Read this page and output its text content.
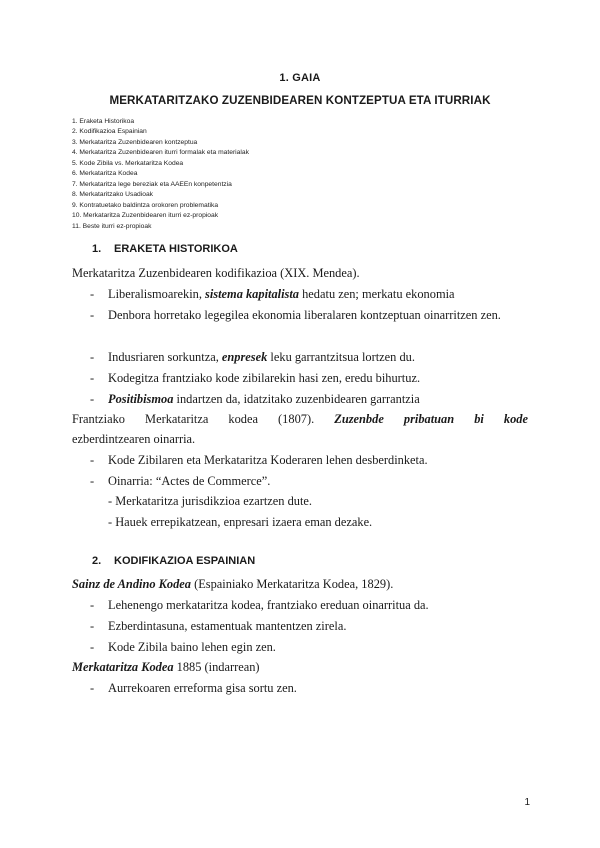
1. GAIA
MERKATARITZAKO ZUZENBIDEAREN KONTZEPTUA ETA ITURRIAK
1. Eraketa Historikoa
2. Kodifikazioa Espainian
3. Merkataritza Zuzenbidearen kontzeptua
4. Merkataritza Zuzenbidearen iturri formalak eta materialak
5. Kode Zibila vs. Merkataritza Kodea
6. Merkataritza Kodea
7. Merkataritza lege bereziak eta AAEEn konpetentzia
8. Merkataritzako Usadioak
9. Kontratuetako baldintza orokoren problematika
10. Merkataritza Zuzenbidearen iturri ez-propioak
11. Beste iturri ez-propioak
1. ERAKETA HISTORIKOA
Merkataritza Zuzenbidearen kodifikazioa (XIX. Mendea).
- Liberalismoarekin, sistema kapitalista hedatu zen; merkatu ekonomia
- Denbora horretako legegilea ekonomia liberalaren kontzeptuan oinarritzen zen.
- Indusriaren sorkuntza, enpresek leku garrantzitsua lortzen du.
- Kodegitza frantziako kode zibilarekin hasi zen, eredu bihurtuz.
- Positibismoa indartzen da, idatzitako zuzenbidearen garrantzia
Frantziako Merkataritza kodea (1807). Zuzenbde pribatuan bi kode
ezberdintzearen oinarria.
- Kode Zibilaren eta Merkataritza Koderaren lehen desberdinketa.
- Oinarria: “Actes de Commerce”.
- Merkataritza jurisdikzioa ezartzen dute.
- Hauek errepikatzean, enpresari izaera eman dezake.
2. KODIFIKAZIOA ESPAINIAN
Sainz de Andino Kodea (Espainiako Merkataritza Kodea, 1829).
- Lehenengo merkataritza kodea, frantziako ereduan oinarritua da.
- Ezberdintasuna, estamentuak mantentzen zirela.
- Kode Zibila baino lehen egin zen.
Merkataritza Kodea 1885 (indarrean)
- Aurrekoaren erreforma gisa sortu zen.
1
